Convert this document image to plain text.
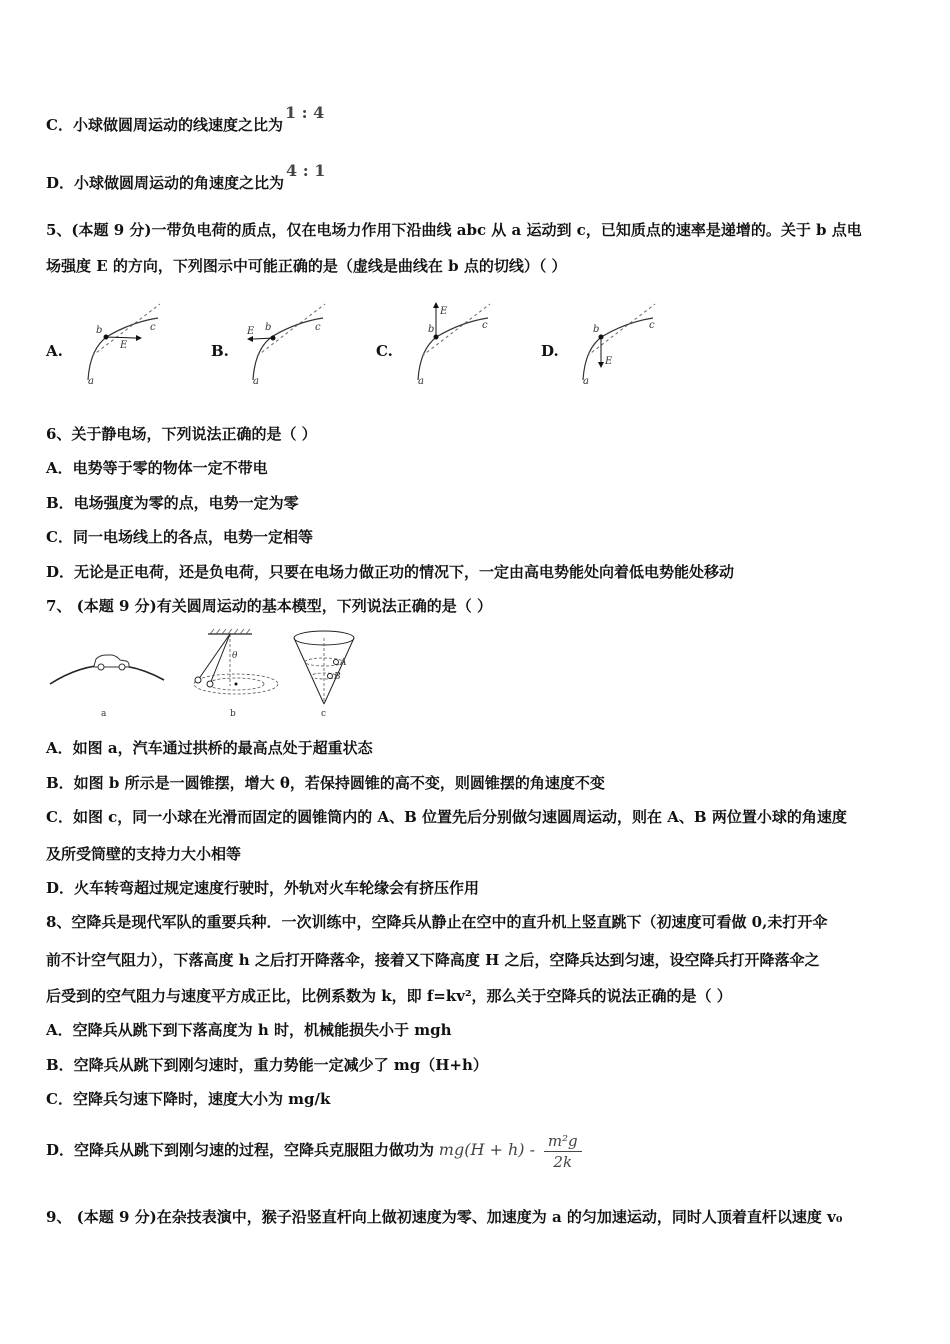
C．小球做圆周运动的线速度之比为1 : 4
D．小球做圆周运动的角速度之比为4 : 1
5、(本题 9 分)一带负电荷的质点，仅在电场力作用下沿曲线 abc 从 a 运动到 c，已知质点的速率是递增的。关于 b 点电
场强度 E 的方向，下列图示中可能正确的是（虚线是曲线在 b 点的切线）（ ）
A.
b	c
a
E	B.
b	c
a
E
C.
b	c
a
E
D.
b	c
a
E
6、关于静电场，下列说法正确的是（ ）
A．电势等于零的物体一定不带电
B．电场强度为零的点，电势一定为零
C．同一电场线上的各点，电势一定相等
D．无论是正电荷，还是负电荷，只要在电场力做正功的情况下，一定由高电势能处向着低电势能处移动
7、 (本题 9 分)有关圆周运动的基本模型，下列说法正确的是（ ）
a
θ
b
A
B
c
A．如图 a，汽车通过拱桥的最高点处于超重状态
B．如图 b 所示是一圆锥摆，增大 θ，若保持圆锥的高不变，则圆锥摆的角速度不变
C．如图 c，同一小球在光滑而固定的圆锥筒内的 A、B 位置先后分别做匀速圆周运动，则在 A、B 两位置小球的角速度
及所受筒壁的支持力大小相等
D．火车转弯超过规定速度行驶时，外轨对火车轮缘会有挤压作用
8、空降兵是现代军队的重要兵种．一次训练中，空降兵从静止在空中的直升机上竖直跳下（初速度可看做 0,未打开伞
前不计空气阻力），下落高度 h 之后打开降落伞，接着又下降高度 H 之后，空降兵达到匀速，设空降兵打开降落伞之
后受到的空气阻力与速度平方成正比，比例系数为 k，即 f=kv²，那么关于空降兵的说法正确的是（ ）
A．空降兵从跳下到下落高度为 h 时，机械能损失小于 mgh
B．空降兵从跳下到刚匀速时，重力势能一定减少了 mg（H+h）
C．空降兵匀速下降时，速度大小为 mg/k
D．空降兵从跳下到刚匀速的过程，空降兵克服阻力做功为 $mg(H + h) - \frac{\text{m²g}}{2k}$
9、 (本题 9 分)在杂技表演中，猴子沿竖直杆向上做初速度为零、加速度为 a 的匀加速运动，同时人顶着直杆以速度 v₀
